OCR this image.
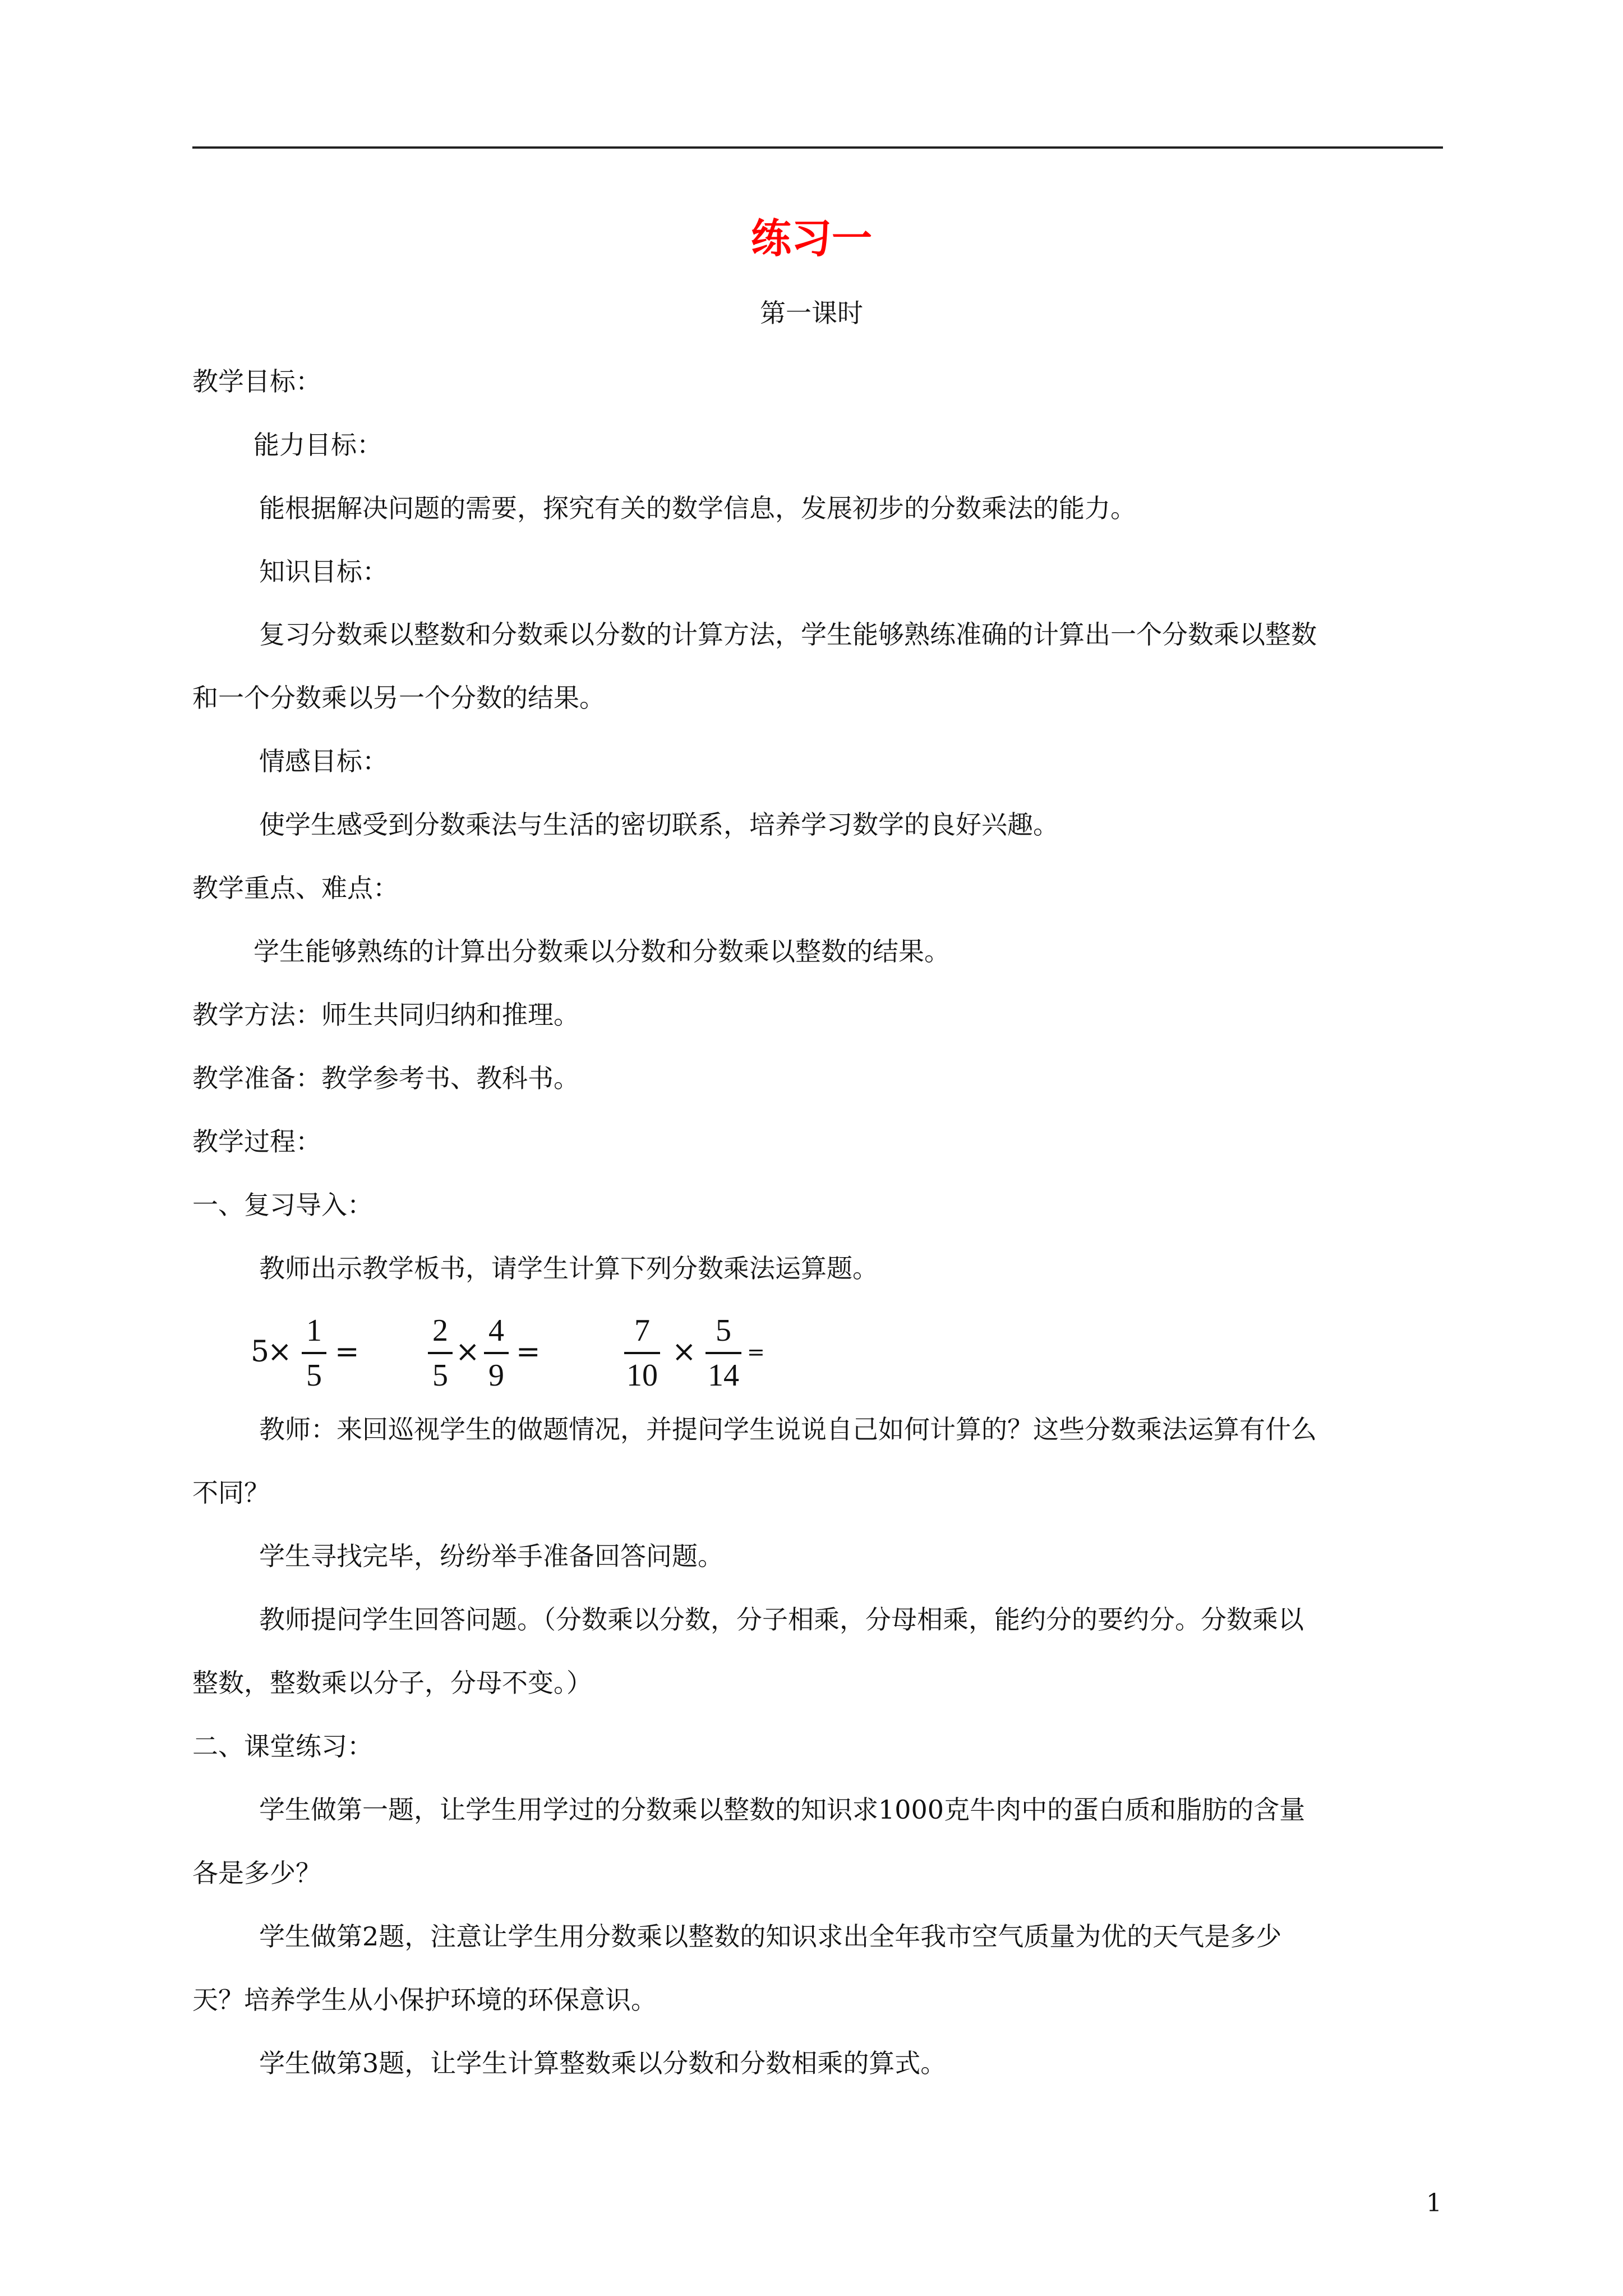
练习一
第一课时
教学目标：
能力目标：
能根据解决问题的需要，探究有关的数学信息，发展初步的分数乘法的能力。
知识目标：
复习分数乘以整数和分数乘以分数的计算方法，学生能够熟练准确的计算出一个分数乘以整数
和一个分数乘以另一个分数的结果。
情感目标：
使学生感受到分数乘法与生活的密切联系，培养学习数学的良好兴趣。
教学重点、难点：
学生能够熟练的计算出分数乘以分数和分数乘以整数的结果。
教学方法：师生共同归纳和推理。
教学准备：教学参考书、教科书。
教学过程：
一、复习导入：
教师出示教学板书，请学生计算下列分数乘法运算题。
5
×
1
5
=
2
5
×
4
9
=
7
10
×
5
14
=
教师：来回巡视学生的做题情况，并提问学生说说自己如何计算的？这些分数乘法运算有什么
不同？
学生寻找完毕，纷纷举手准备回答问题。
教师提问学生回答问题。（分数乘以分数，分子相乘，分母相乘，能约分的要约分。分数乘以
整数，整数乘以分子，分母不变。）
二、课堂练习：
学生做第一题，让学生用学过的分数乘以整数的知识求1000克牛肉中的蛋白质和脂肪的含量
各是多少？
学生做第2题，注意让学生用分数乘以整数的知识求出全年我市空气质量为优的天气是多少
天？培养学生从小保护环境的环保意识。
学生做第3题，让学生计算整数乘以分数和分数相乘的算式。
1
